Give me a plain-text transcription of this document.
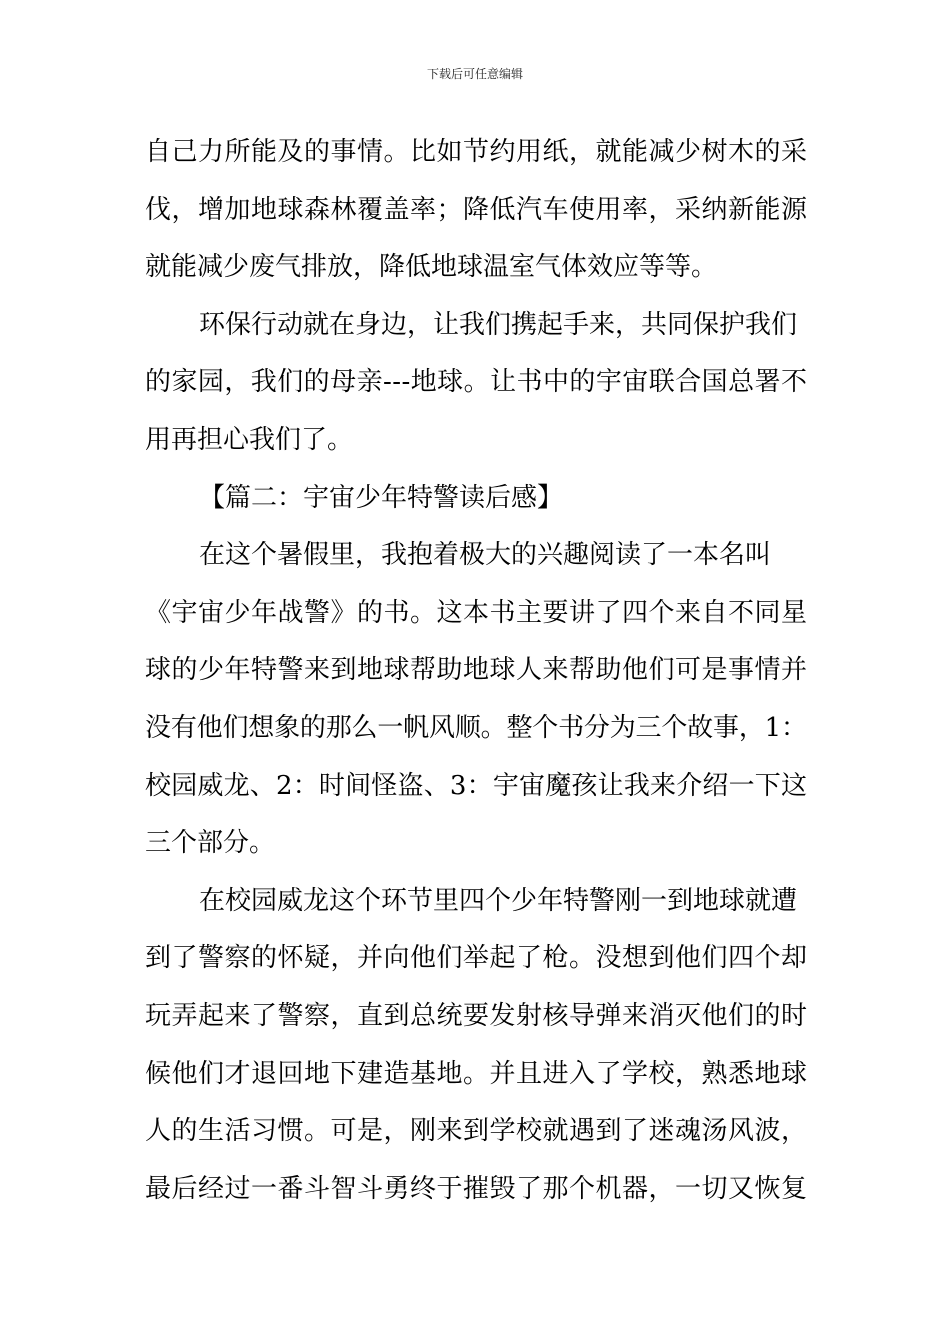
下载后可任意编辑
自己力所能及的事情。比如节约用纸，就能减少树木的采
伐，增加地球森林覆盖率；降低汽车使用率，采纳新能源
就能减少废气排放，降低地球温室气体效应等等。
环保行动就在身边，让我们携起手来，共同保护我们
的家园，我们的母亲---地球。让书中的宇宙联合国总署不
用再担心我们了。
【篇二：宇宙少年特警读后感】
在这个暑假里，我抱着极大的兴趣阅读了一本名叫
《宇宙少年战警》的书。这本书主要讲了四个来自不同星
球的少年特警来到地球帮助地球人来帮助他们可是事情并
没有他们想象的那么一帆风顺。整个书分为三个故事，1：
校园威龙、2：时间怪盗、3：宇宙魔孩让我来介绍一下这
三个部分。
在校园威龙这个环节里四个少年特警刚一到地球就遭
到了警察的怀疑，并向他们举起了枪。没想到他们四个却
玩弄起来了警察，直到总统要发射核导弹来消灭他们的时
候他们才退回地下建造基地。并且进入了学校，熟悉地球
人的生活习惯。可是，刚来到学校就遇到了迷魂汤风波，
最后经过一番斗智斗勇终于摧毁了那个机器，一切又恢复
